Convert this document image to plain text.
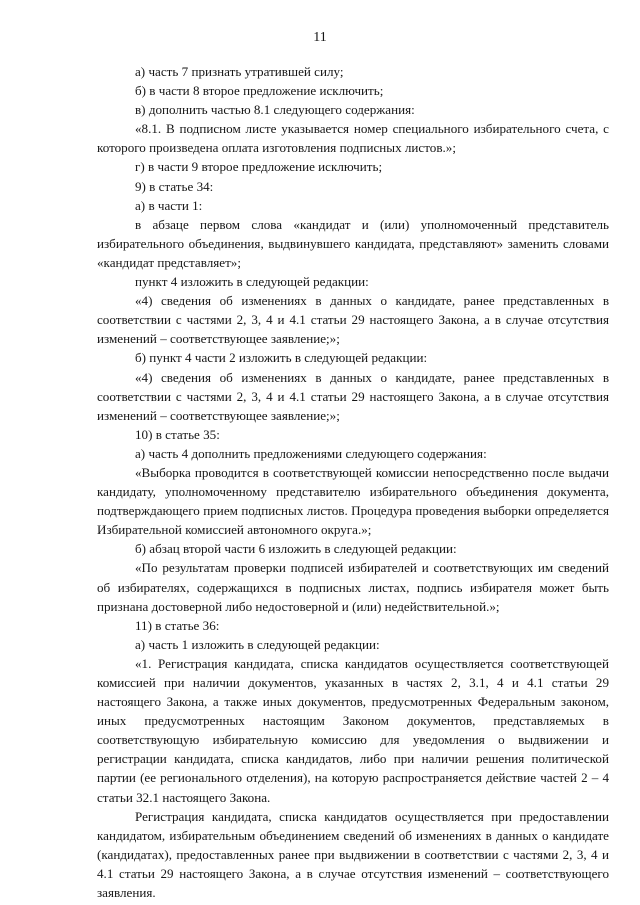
11

а) часть 7 признать утратившей силу;

б) в части 8 второе предложение исключить;

в) дополнить частью 8.1 следующего содержания:

«8.1. В подписном листе указывается номер специального избирательного счета, с которого произведена оплата изготовления подписных листов.»;

г) в части 9 второе предложение исключить;

9) в статье 34:

а) в части 1:

в абзаце первом слова «кандидат и (или) уполномоченный представитель избирательного объединения, выдвинувшего кандидата, представляют» заменить словами «кандидат представляет»;

пункт 4 изложить в следующей редакции:

«4) сведения об изменениях в данных о кандидате, ранее представленных в соответствии с частями 2, 3, 4 и 4.1 статьи 29 настоящего Закона, а в случае отсутствия изменений – соответствующее заявление;»;

б) пункт 4 части 2 изложить в следующей редакции:

«4) сведения об изменениях в данных о кандидате, ранее представленных в соответствии с частями 2, 3, 4 и 4.1 статьи 29 настоящего Закона, а в случае отсутствия изменений – соответствующее заявление;»;

10) в статье 35:

а) часть 4 дополнить предложениями следующего содержания:

«Выборка проводится в соответствующей комиссии непосредственно после выдачи кандидату, уполномоченному представителю избирательного объединения документа, подтверждающего прием подписных листов. Процедура проведения выборки определяется Избирательной комиссией автономного округа.»;

б) абзац второй части 6 изложить в следующей редакции:

«По результатам проверки подписей избирателей и соответствующих им сведений об избирателях, содержащихся в подписных листах, подпись избирателя может быть признана достоверной либо недостоверной и (или) недействительной.»;

11) в статье 36:

а) часть 1 изложить в следующей редакции:

«1. Регистрация кандидата, списка кандидатов осуществляется соответствующей комиссией при наличии документов, указанных в частях 2, 3.1, 4 и 4.1 статьи 29 настоящего Закона, а также иных документов, предусмотренных Федеральным законом, иных предусмотренных настоящим Законом документов, представляемых в соответствующую избирательную комиссию для уведомления о выдвижении и регистрации кандидата, списка кандидатов, либо при наличии решения политической партии (ее регионального отделения), на которую распространяется действие частей 2 – 4 статьи 32.1 настоящего Закона.

Регистрация кандидата, списка кандидатов осуществляется при предоставлении кандидатом, избирательным объединением сведений об изменениях в данных о кандидате (кандидатах), предоставленных ранее при выдвижении в соответствии с частями 2, 3, 4 и 4.1 статьи 29 настоящего Закона, а в случае отсутствия изменений – соответствующего заявления.
